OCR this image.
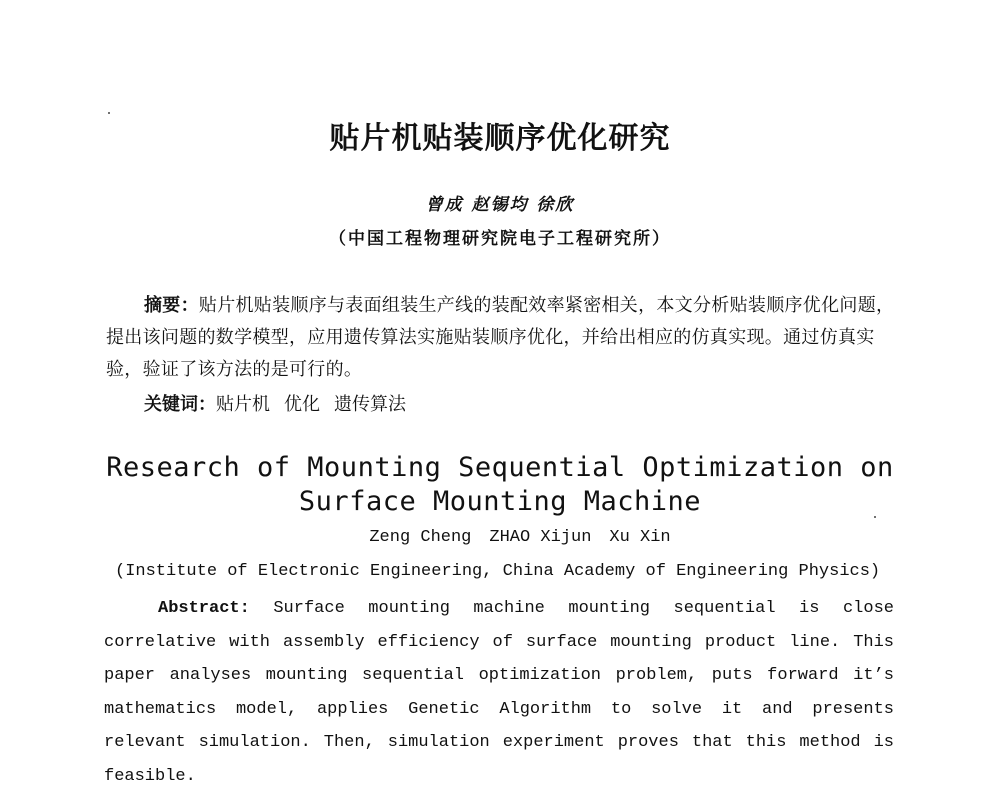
贴片机贴装顺序优化研究
曾成 赵锡均 徐欣
（中国工程物理研究院电子工程研究所）

摘要：贴片机贴装顺序与表面组装生产线的装配效率紧密相关，本文分析贴装顺序优化问题，提出该问题的数学模型，应用遗传算法实施贴装顺序优化，并给出相应的仿真实现。通过仿真实验，验证了该方法的是可行的。

关键词：贴片机 优化 遗传算法

Research of Mounting Sequential Optimization on
Surface Mounting Machine

Zeng Cheng ZHAO Xijun Xu Xin
(Institute of Electronic Engineering, China Academy of Engineering Physics)

Abstract: Surface mounting machine mounting sequential is close correlative with assembly efficiency of surface mounting product line. This paper analyses mounting sequential optimization problem, puts forward it’s mathematics model, applies Genetic Algorithm to solve it and presents relevant simulation. Then, simulation experiment proves that this method is feasible.
